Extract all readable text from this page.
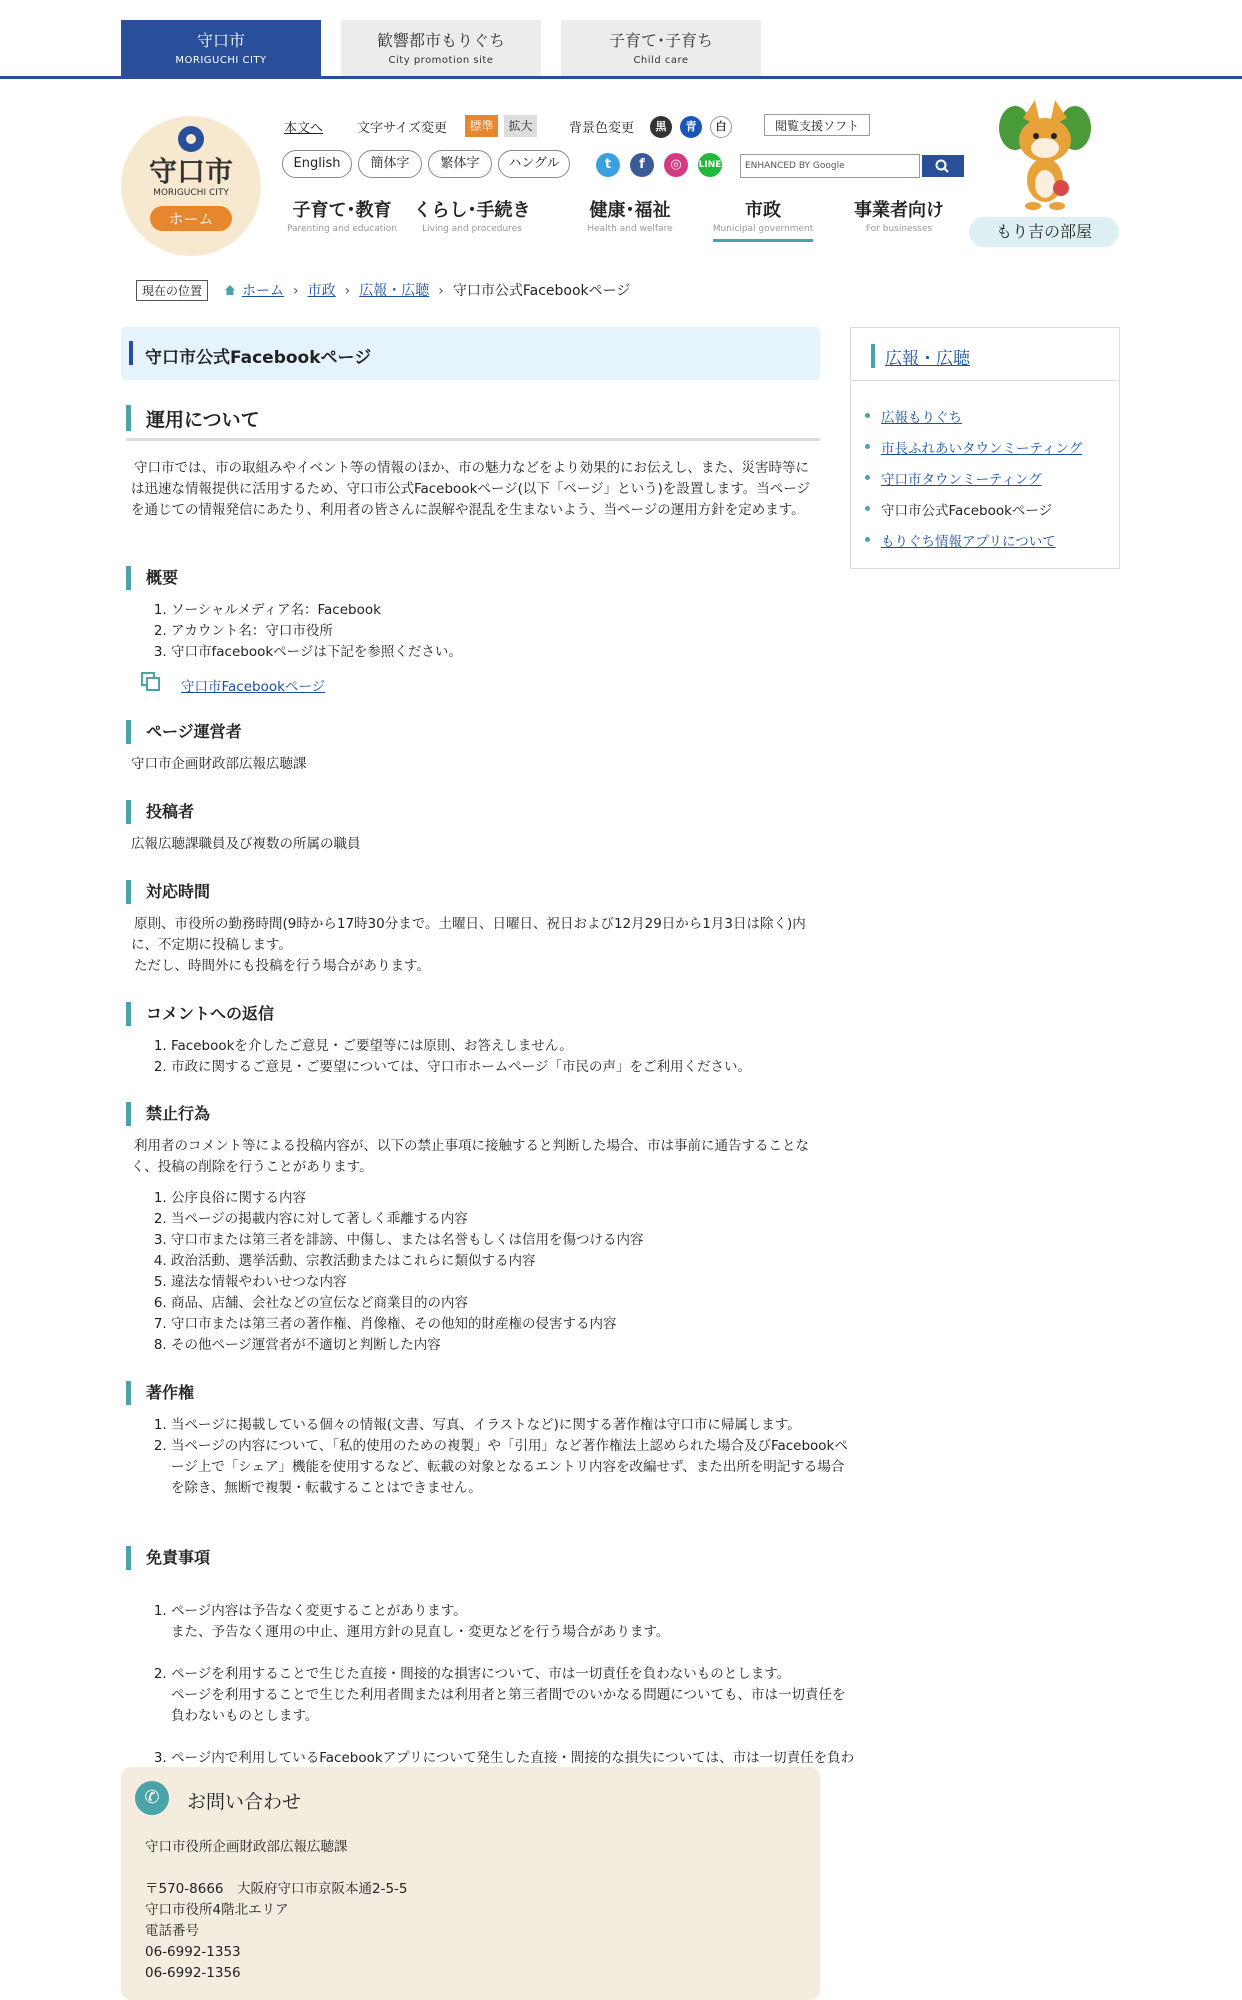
守口市
MORIGUCHI CITY
歓響都市もりぐち
City promotion site
子育て･子育ち
Child care
守口市
MORIGUCHI CITY
ホーム
本文へ	文字サイズ変更	標準	拡大	背景色変更	黒	青	白	閲覧支援ソフト
English	簡体字	繁体字	ハングル	t	f	◎	LINE	ENHANCED BY Google
子育て･教育
Parenting and education
くらし･手続き
Living and procedures
健康･福祉
Health and welfare
市政
Municipal government
事業者向け
For businesses	もり吉の部屋
現在の位置	ホーム › 市政 › 広報・広聴 › 守口市公式Facebookページ
守口市公式Facebookページ
運用について
守口市では、市の取組みやイベント等の情報のほか、市の魅力などをより効果的にお伝えし、また、災害時等には迅速な情報提供に活用するため、守口市公式Facebookページ(以下「ページ」という)を設置します。当ページを通じての情報発信にあたり、利用者の皆さんに誤解や混乱を生まないよう、当ページの運用方針を定めます。
概要
1. ソーシャルメディア名：Facebook
2. アカウント名：守口市役所
3. 守口市facebookページは下記を参照ください。
守口市Facebookページ
ページ運営者
守口市企画財政部広報広聴課
投稿者
広報広聴課職員及び複数の所属の職員
対応時間
原則、市役所の勤務時間(9時から17時30分まで。土曜日、日曜日、祝日および12月29日から1月3日は除く)内に、不定期に投稿します。
ただし、時間外にも投稿を行う場合があります。
コメントへの返信
1. Facebookを介したご意見・ご要望等には原則、お答えしません。
2. 市政に関するご意見・ご要望については、守口市ホームページ「市民の声」をご利用ください。
禁止行為
利用者のコメント等による投稿内容が、以下の禁止事項に接触すると判断した場合、市は事前に通告することなく、投稿の削除を行うことがあります。
1. 公序良俗に関する内容
2. 当ページの掲載内容に対して著しく乖離する内容
3. 守口市または第三者を誹謗、中傷し、または名誉もしくは信用を傷つける内容
4. 政治活動、選挙活動、宗教活動またはこれらに類似する内容
5. 違法な情報やわいせつな内容
6. 商品、店舗、会社などの宣伝など商業目的の内容
7. 守口市または第三者の著作権、肖像権、その他知的財産権の侵害する内容
8. その他ページ運営者が不適切と判断した内容
著作権
1. 当ページに掲載している個々の情報(文書、写真、イラストなど)に関する著作権は守口市に帰属します。
2. 当ページの内容について、「私的使用のための複製」や「引用」など著作権法上認められた場合及びFacebookページ上で「シェア」機能を使用するなど、転載の対象となるエントリ内容を改編せず、また出所を明記する場合を除き、無断で複製・転載することはできません。
免責事項

1. ページ内容は予告なく変更することがあります。
また、予告なく運用の中止、運用方針の見直し・変更などを行う場合があります。

2. ページを利用することで生じた直接・間接的な損害について、市は一切責任を負わないものとします。
ページを利用することで生じた利用者間または利用者と第三者間でのいかなる問題についても、市は一切責任を負わないものとします。

3. ページ内で利用しているFacebookアプリについて発生した直接・間接的な損失については、市は一切責任を負わ

4.

✆	お問い合わせ
守口市役所企画財政部広報広聴課
〒570-8666　大阪府守口市京阪本通2-5-5
守口市役所4階北エリア
電話番号
06-6992-1353
06-6992-1356
広報・広聴
広報もりぐち
市長ふれあいタウンミーティング
守口市タウンミーティング
守口市公式Facebookページ
もりぐち情報アプリについて
